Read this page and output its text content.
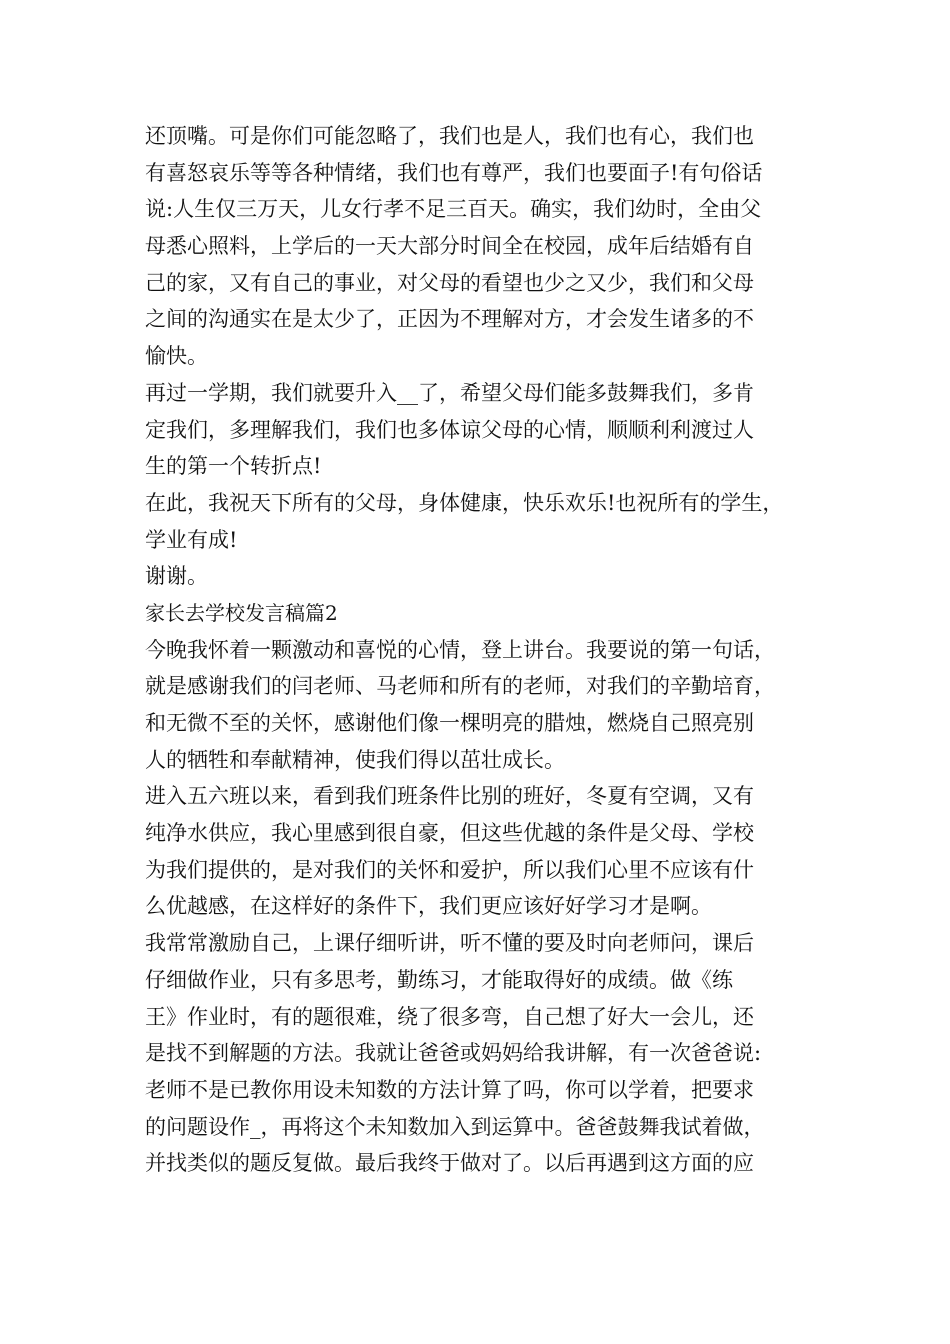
还顶嘴。可是你们可能忽略了，我们也是人，我们也有心，我们也
有喜怒哀乐等等各种情绪，我们也有尊严，我们也要面子!有句俗话
说:人生仅三万天，儿女行孝不足三百天。确实，我们幼时，全由父
母悉心照料，上学后的一天大部分时间全在校园，成年后结婚有自
己的家，又有自己的事业，对父母的看望也少之又少，我们和父母
之间的沟通实在是太少了，正因为不理解对方，才会发生诸多的不
愉快。
再过一学期，我们就要升入__了，希望父母们能多鼓舞我们，多肯
定我们，多理解我们，我们也多体谅父母的心情，顺顺利利渡过人
生的第一个转折点!
在此，我祝天下所有的父母，身体健康，快乐欢乐!也祝所有的学生，
学业有成!
谢谢。
家长去学校发言稿篇2
今晚我怀着一颗激动和喜悦的心情，登上讲台。我要说的第一句话，
就是感谢我们的闫老师、马老师和所有的老师，对我们的辛勤培育，
和无微不至的关怀，感谢他们像一棵明亮的腊烛，燃烧自己照亮别
人的牺牲和奉献精神，使我们得以茁壮成长。
进入五六班以来，看到我们班条件比别的班好，冬夏有空调，又有
纯净水供应，我心里感到很自豪，但这些优越的条件是父母、学校
为我们提供的，是对我们的关怀和爱护，所以我们心里不应该有什
么优越感，在这样好的条件下，我们更应该好好学习才是啊。
我常常激励自己，上课仔细听讲，听不懂的要及时向老师问，课后
仔细做作业，只有多思考，勤练习，才能取得好的成绩。做《练
王》作业时，有的题很难，绕了很多弯，自己想了好大一会儿，还
是找不到解题的方法。我就让爸爸或妈妈给我讲解，有一次爸爸说:
老师不是已教你用设未知数的方法计算了吗，你可以学着，把要求
的问题设作_，再将这个未知数加入到运算中。爸爸鼓舞我试着做，
并找类似的题反复做。最后我终于做对了。以后再遇到这方面的应
